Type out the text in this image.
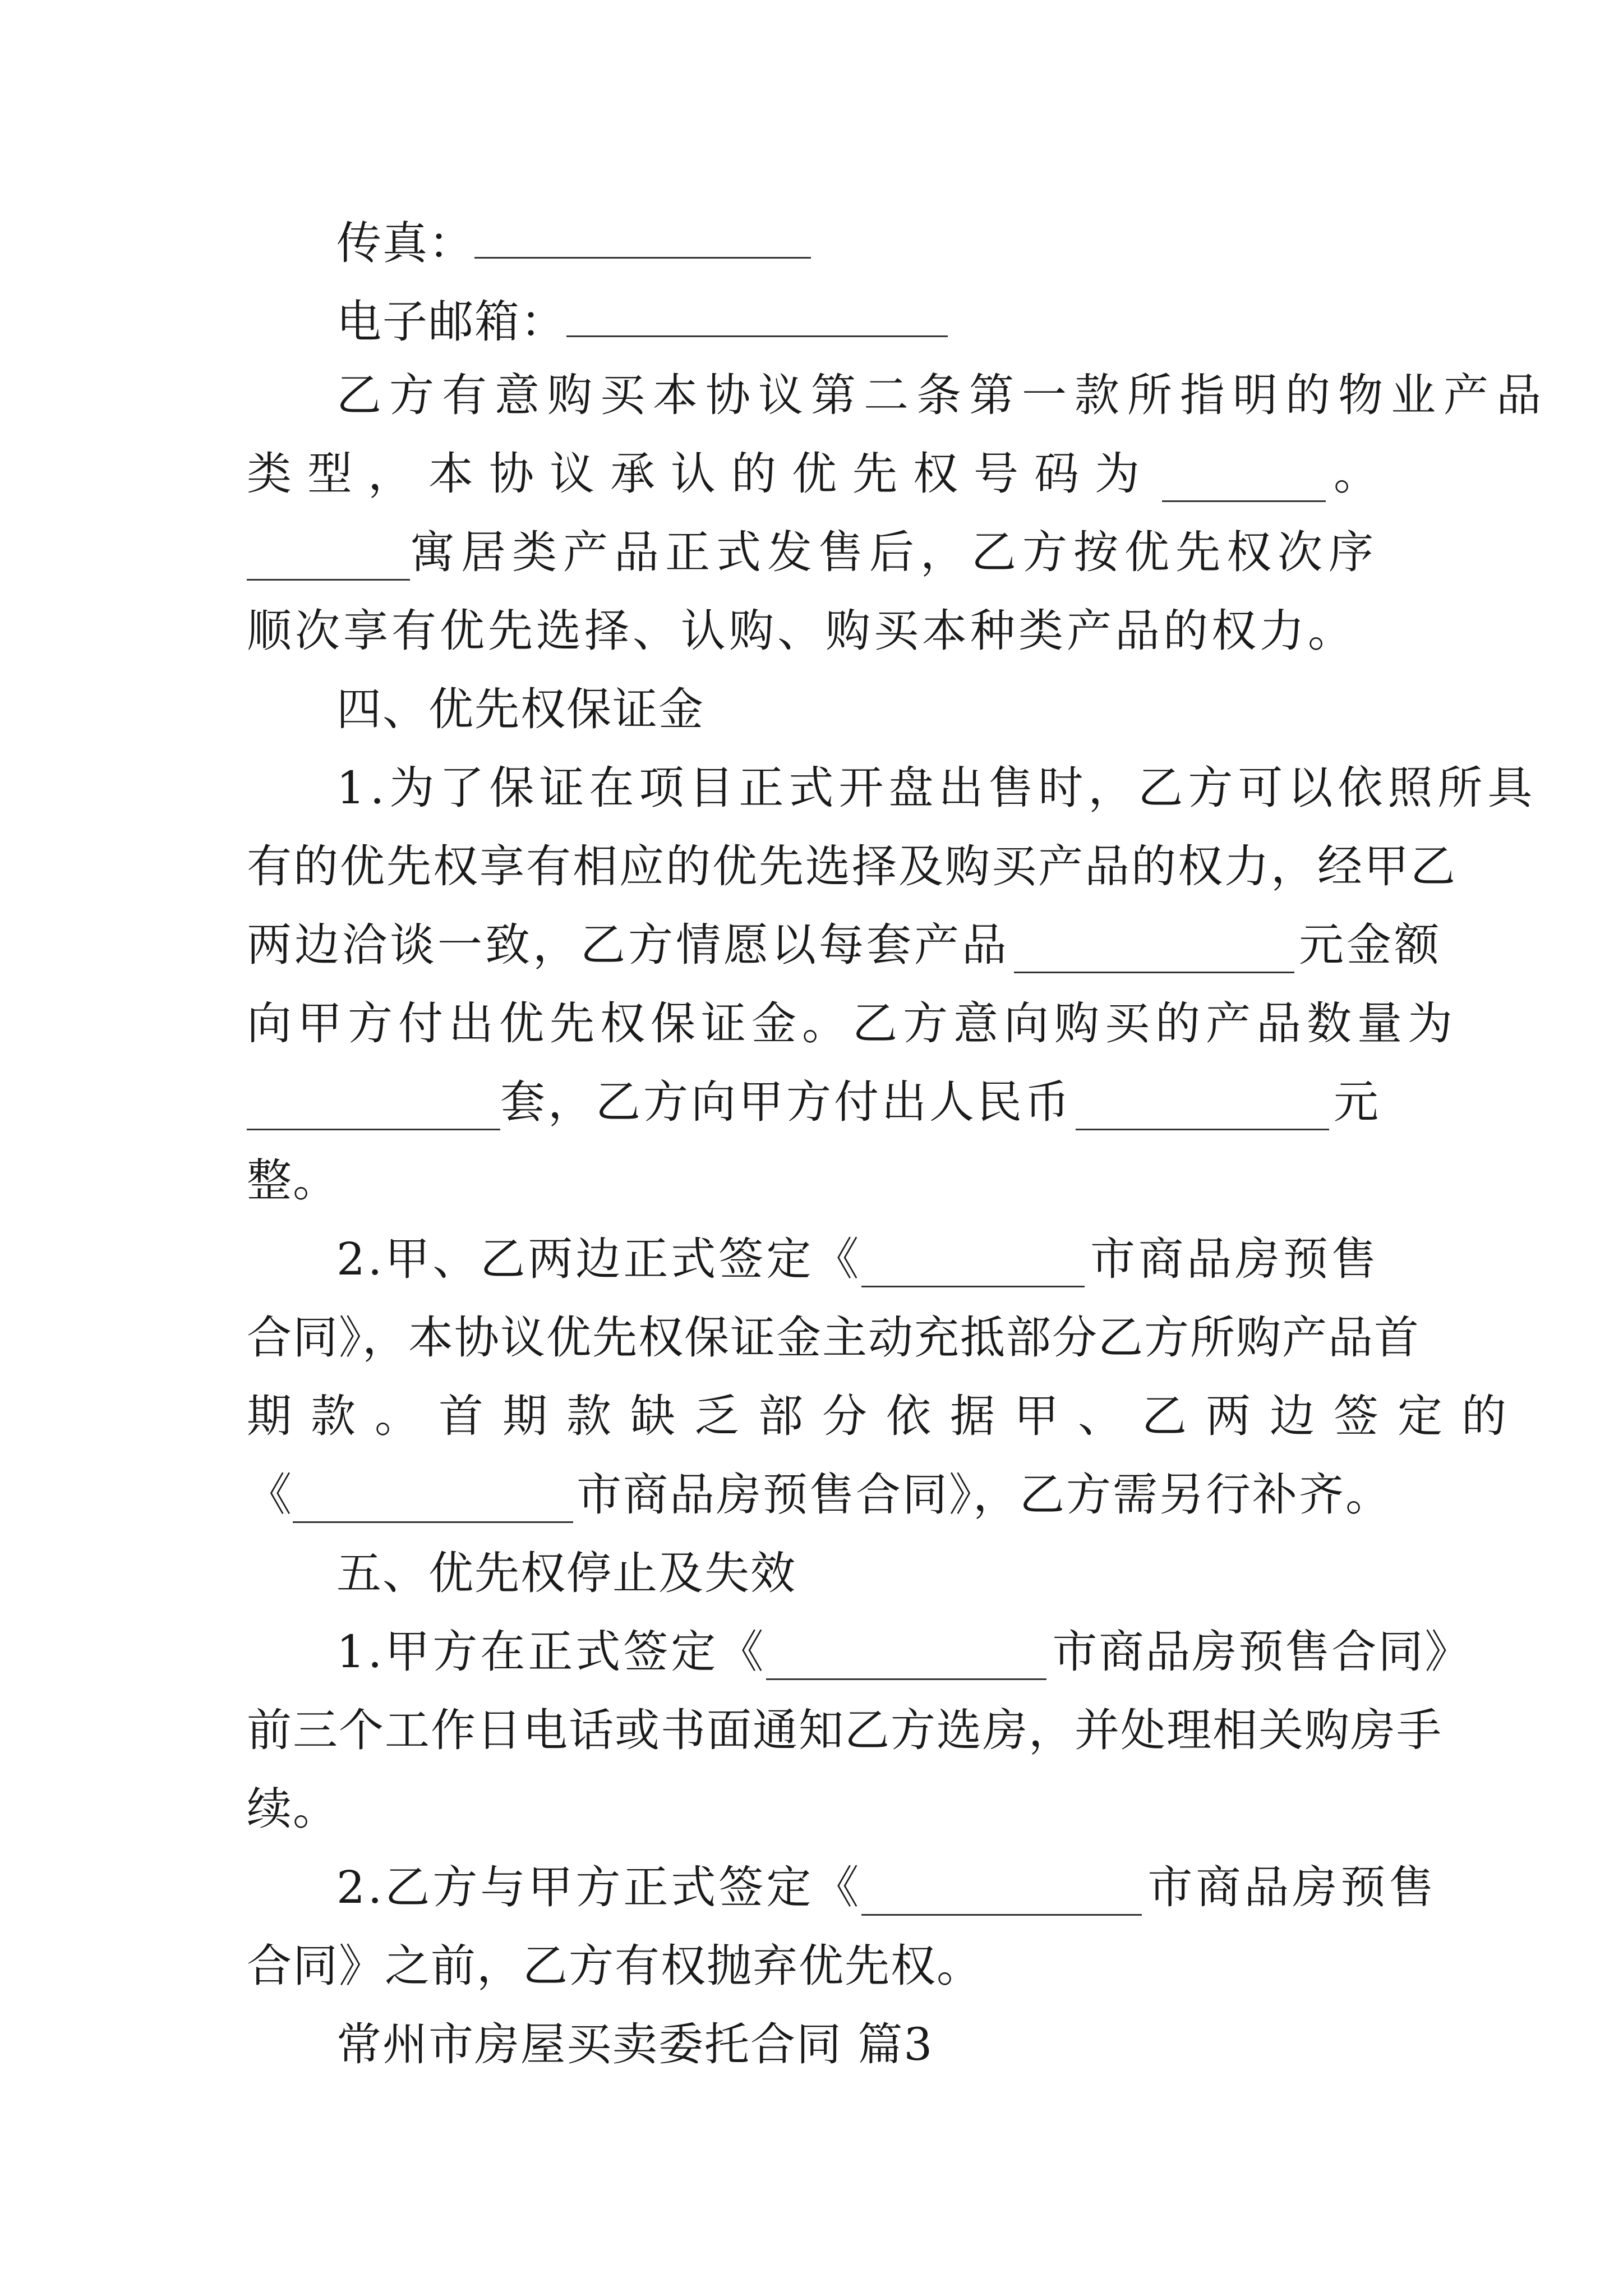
传真：
电子邮箱：
乙方有意购买本协议第二条第一款所指明的物业产品
类型，本协议承认的优先权号码为	。
寓居类产品正式发售后，乙方按优先权次序
顺次享有优先选择、认购、购买本种类产品的权力。
四、优先权保证金
1.为了保证在项目正式开盘出售时，乙方可以依照所具
有的优先权享有相应的优先选择及购买产品的权力，经甲乙
两边洽谈一致，乙方情愿以每套产品	元金额
向甲方付出优先权保证金。乙方意向购买的产品数量为
套，乙方向甲方付出人民币	元
整。
2.甲、乙两边正式签定《	市商品房预售
合同》，本协议优先权保证金主动充抵部分乙方所购产品首
期款。首期款缺乏部分依据甲、乙两边签定的
《	市商品房预售合同》，乙方需另行补齐。
五、优先权停止及失效
1.甲方在正式签定《	市商品房预售合同》
前三个工作日电话或书面通知乙方选房，并处理相关购房手
续。
2.乙方与甲方正式签定《	市商品房预售
合同》之前，乙方有权抛弃优先权。
常州市房屋买卖委托合同 篇3
